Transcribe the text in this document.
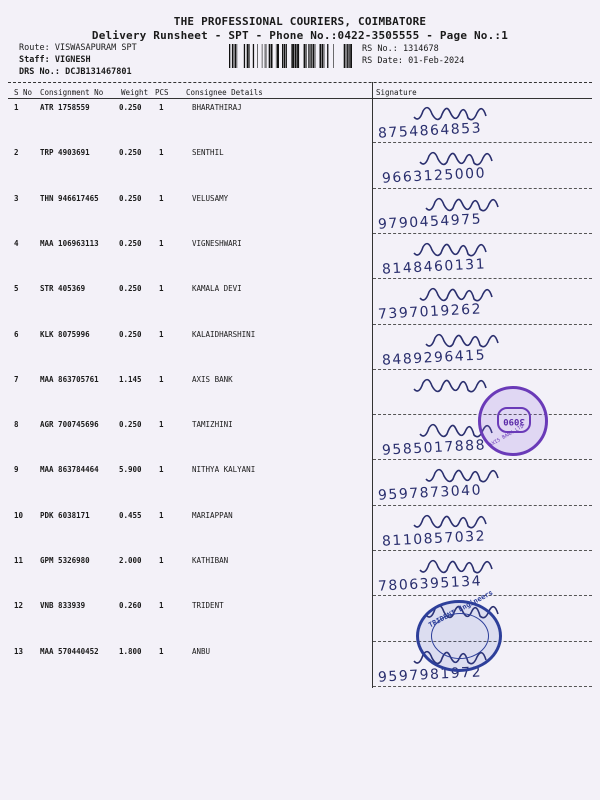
THE PROFESSIONAL COURIERS, COIMBATORE
Delivery Runsheet - SPT - Phone No.:0422-3505555 - Page No.:1
Route: VISWASAPURAM SPT
Staff: VIGNESH
DRS No.: DCJB131467801
RS No.: 1314678
RS Date: 01-Feb-2024
S No Consignment No Weight PCS Consignee Details	Signature
1	ATR 1758559	0.250 1	BHARATHIRAJ
8754864853
2	TRP 4903691	0.250 1	SENTHIL
9663125000
3	THN 946617465	0.250 1	VELUSAMY
9790454975
4	MAA 106963113	0.250 1	VIGNESHWARI
8148460131
5	STR 405369	0.250 1	KAMALA DEVI
7397019262
6	KLK 8075996	0.250 1	KALAIDHARSHINI
8489296415
7	MAA 863705761	1.145 1	AXIS BANK
8	AGR 700745696	0.250 1	TAMIZHINI
9585017888
9	MAA 863784464	5.900 1	NITHYA KALYANI
9597873040
10 PDK 6038171	0.455 1	MARIAPPAN
8110857032
11 GPM 5326980	2.000 1	KATHIBAN
7806395134
12 VNB 833939	0.260 1	TRIDENT
13 MAA 570440452	1.800 1	ANBU
9597981972
3090
AXIS BANK LTD
TRIDENT Engineers
